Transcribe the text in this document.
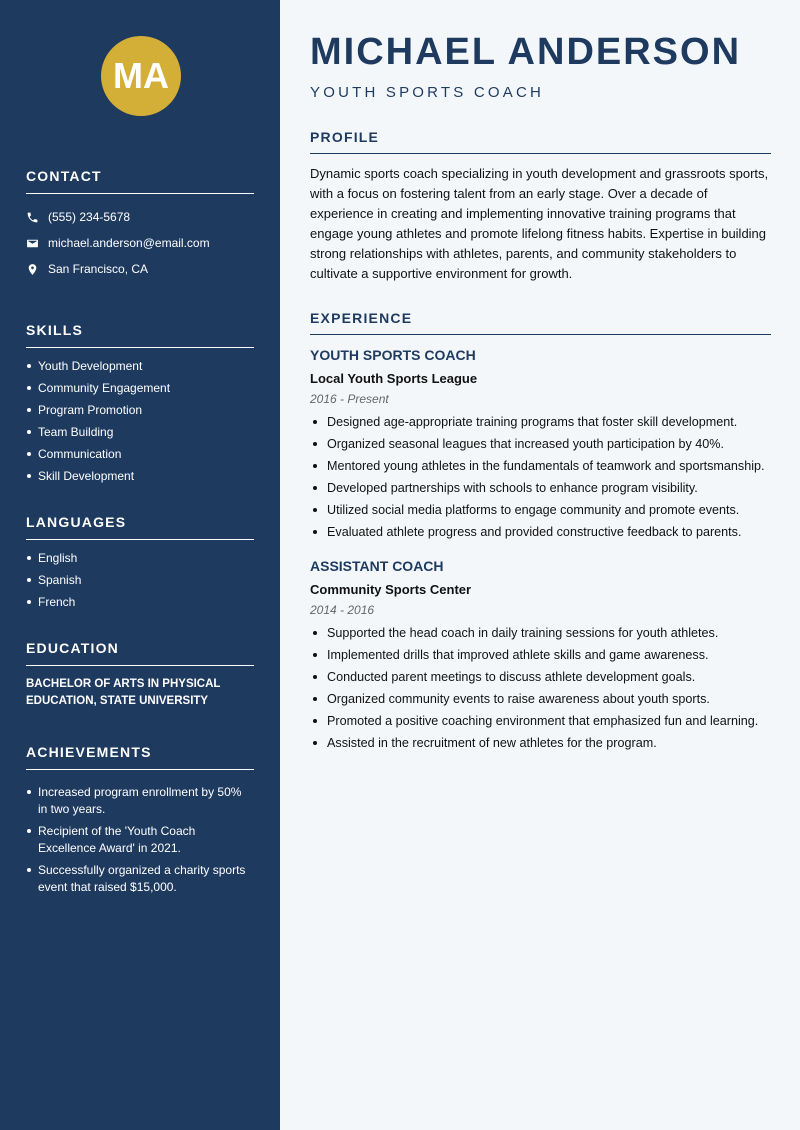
MA
CONTACT
(555) 234-5678
michael.anderson@email.com
San Francisco, CA
SKILLS
Youth Development
Community Engagement
Program Promotion
Team Building
Communication
Skill Development
LANGUAGES
English
Spanish
French
EDUCATION
BACHELOR OF ARTS IN PHYSICAL EDUCATION, STATE UNIVERSITY
ACHIEVEMENTS
Increased program enrollment by 50% in two years.
Recipient of the 'Youth Coach Excellence Award' in 2021.
Successfully organized a charity sports event that raised $15,000.
MICHAEL ANDERSON
YOUTH SPORTS COACH
PROFILE
Dynamic sports coach specializing in youth development and grassroots sports, with a focus on fostering talent from an early stage. Over a decade of experience in creating and implementing innovative training programs that engage young athletes and promote lifelong fitness habits. Expertise in building strong relationships with athletes, parents, and community stakeholders to cultivate a supportive environment for growth.
EXPERIENCE
YOUTH SPORTS COACH
Local Youth Sports League
2016 - Present
Designed age-appropriate training programs that foster skill development.
Organized seasonal leagues that increased youth participation by 40%.
Mentored young athletes in the fundamentals of teamwork and sportsmanship.
Developed partnerships with schools to enhance program visibility.
Utilized social media platforms to engage community and promote events.
Evaluated athlete progress and provided constructive feedback to parents.
ASSISTANT COACH
Community Sports Center
2014 - 2016
Supported the head coach in daily training sessions for youth athletes.
Implemented drills that improved athlete skills and game awareness.
Conducted parent meetings to discuss athlete development goals.
Organized community events to raise awareness about youth sports.
Promoted a positive coaching environment that emphasized fun and learning.
Assisted in the recruitment of new athletes for the program.
